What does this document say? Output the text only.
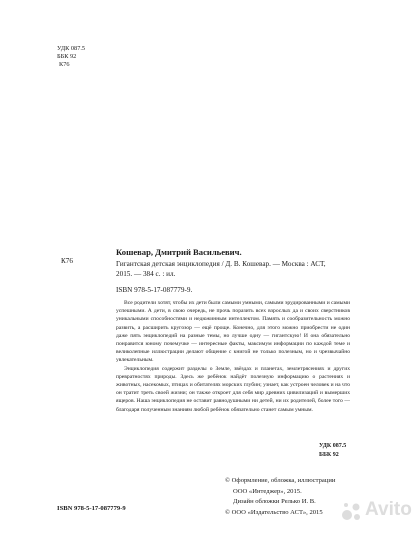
УДК 087.5
ББК 92
К76
К76
Кошевар, Дмитрий Васильевич.
Гигантская детская энциклопедия / Д. В. Кошевар. — Москва : АСТ,
2015. — 384 с. : ил.
ISBN 978-5-17-087779-9.

Все родители хотят, чтобы их дети были самыми умными, самыми эрудированными и самыми успешными. А дети, в свою очередь, не прочь поразить всех взрослых да и своих сверстников уникальными способностями и недюжинным интеллектом. Память и сообразительность можно развить, а расширить кругозор — ещё проще. Конечно, для этого можно приобрести не один даже пять энциклопедий на разные темы, но лучше одну — гигантскую! И она обязательно понравится юному почемучке — интересные факты, максимум информации по каждой теме и великолепные иллюстрации делают общение с книгой не только полезным, но и чрезвычайно увлекательным.

Энциклопедия содержит разделы о Земле, звёздах и планетах, землетрясениях и других превратностях природы. Здесь же ребёнок найдёт полезную информацию о растениях и животных, насекомых, птицах и обитателях морских глубин; узнает, как устроен человек и на что он тратит треть своей жизни; он также откроет для себя мир древних цивилизаций и вымерших ящеров. Наша энциклопедия не оставит равнодушными ни детей, ни их родителей, более того — благодаря полученным знаниям любой ребёнок обязательно станет самым умным.

УДК 087.5
ББК 92
© Оформление, обложка, иллюстрации
ООО «Интеджер», 2015.
Дизайн обложки Релько И. В.
© ООО «Издательство АСТ», 2015
ISBN 978-5-17-087779-9	Avito
